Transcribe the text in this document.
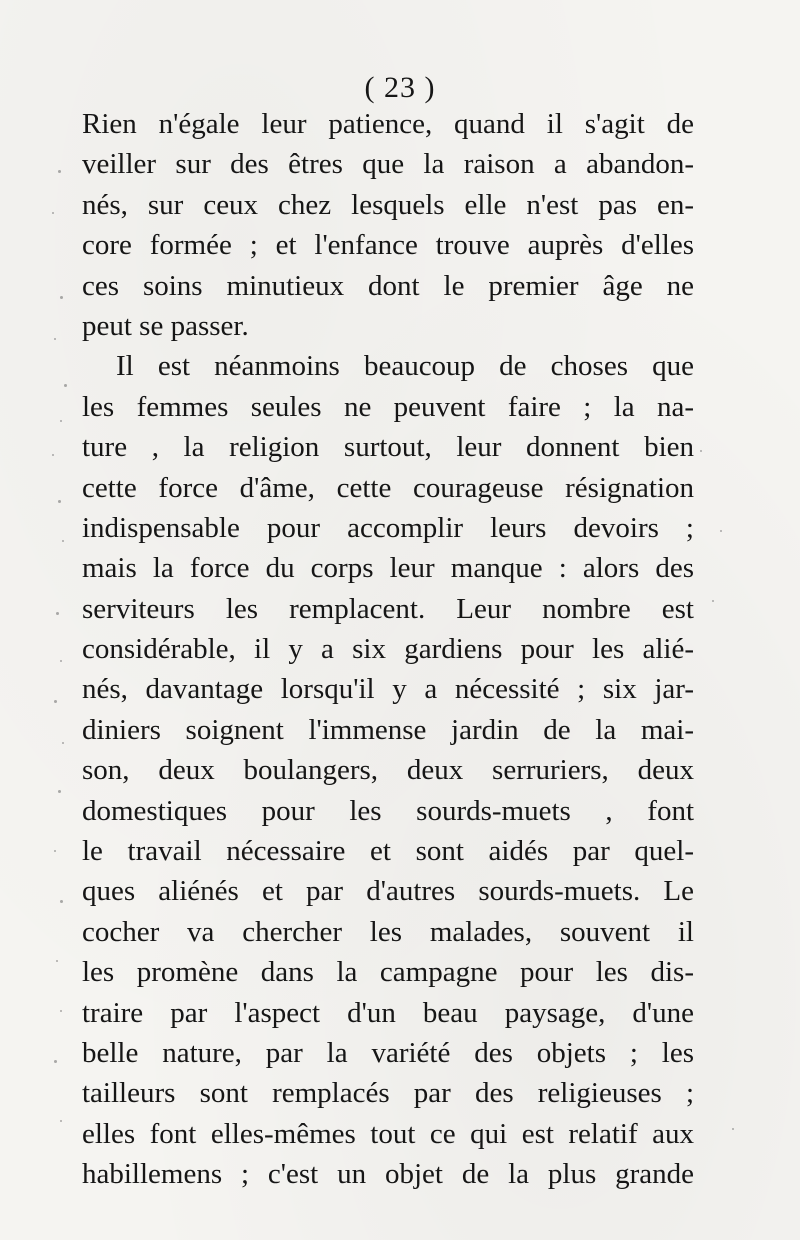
( 23 )
Rien n'égale leur patience, quand il s'agit de
veiller sur des êtres que la raison a abandon-
nés, sur ceux chez lesquels elle n'est pas en-
core formée ; et l'enfance trouve auprès d'elles
ces soins minutieux dont le premier âge ne
peut se passer.
Il est néanmoins beaucoup de choses que
les femmes seules ne peuvent faire ; la na-
ture , la religion surtout, leur donnent bien
cette force d'âme, cette courageuse résignation
indispensable pour accomplir leurs devoirs ;
mais la force du corps leur manque : alors des
serviteurs les remplacent. Leur nombre est
considérable, il y a six gardiens pour les alié-
nés, davantage lorsqu'il y a nécessité ; six jar-
diniers soignent l'immense jardin de la mai-
son, deux boulangers, deux serruriers, deux
domestiques pour les sourds-muets , font
le travail nécessaire et sont aidés par quel-
ques aliénés et par d'autres sourds-muets. Le
cocher va chercher les malades, souvent il
les promène dans la campagne pour les dis-
traire par l'aspect d'un beau paysage, d'une
belle nature, par la variété des objets ; les
tailleurs sont remplacés par des religieuses ;
elles font elles-mêmes tout ce qui est relatif aux
habillemens ; c'est un objet de la plus grande
